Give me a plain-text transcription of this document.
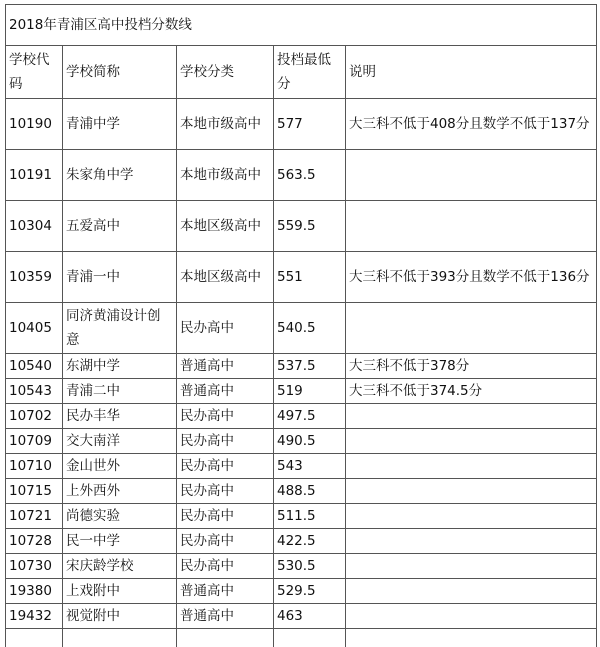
2018年青浦区高中投档分数线				
学校代码	学校简称	学校分类	投档最低分	说明
10190	青浦中学	本地市级高中	577	大三科不低于408分且数学不低于137分
10191	朱家角中学	本地市级高中	563.5	
10304	五爱高中	本地区级高中	559.5	
10359	青浦一中	本地区级高中	551	大三科不低于393分且数学不低于136分
10405	同济黄浦设计创意	民办高中	540.5	
10540	东湖中学	普通高中	537.5	大三科不低于378分
10543	青浦二中	普通高中	519	大三科不低于374.5分
10702	民办丰华	民办高中	497.5	
10709	交大南洋	民办高中	490.5	
10710	金山世外	民办高中	543	
10715	上外西外	民办高中	488.5	
10721	尚德实验	民办高中	511.5	
10728	民一中学	民办高中	422.5	
10730	宋庆龄学校	民办高中	530.5	
19380	上戏附中	普通高中	529.5	
19432	视觉附中	普通高中	463	
